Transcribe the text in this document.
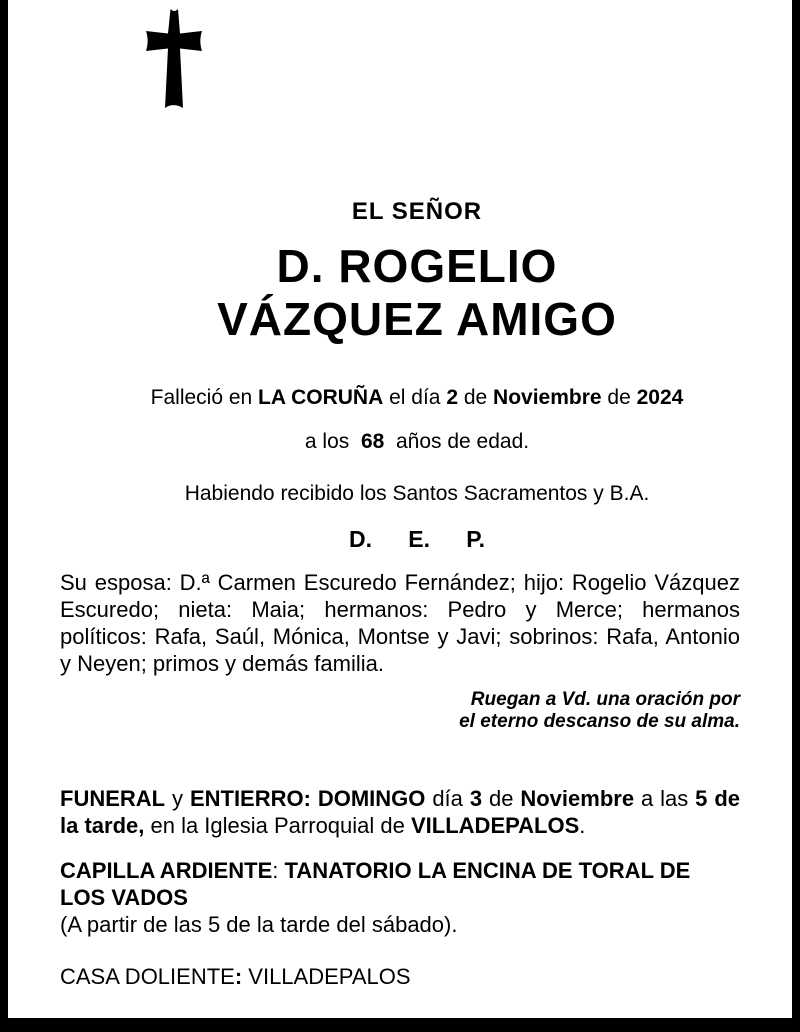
EL SEÑOR
D. ROGELIO
VÁZQUEZ AMIGO

Falleció en LA CORUÑA el día 2 de Noviembre de 2024

a los  68  años de edad.

Habiendo recibido los Santos Sacramentos y B.A.

D. E. P.

Su esposa: D.ª Carmen Escuredo Fernández; hijo: Rogelio Vázquez Escuredo; nieta: Maia; hermanos: Pedro y Merce; hermanos políticos: Rafa, Saúl, Mónica, Montse y Javi; sobrinos: Rafa, Antonio y Neyen; primos y demás familia.

Ruegan a Vd. una oración por
el eterno descanso de su alma.

FUNERAL y ENTIERRO: DOMINGO día 3 de Noviembre a las 5 de la tarde, en la Iglesia Parroquial de VILLADEPALOS.

CAPILLA ARDIENTE: TANATORIO LA ENCINA DE TORAL DE LOS VADOS
(A partir de las 5 de la tarde del sábado).

CASA DOLIENTE: VILLADEPALOS
